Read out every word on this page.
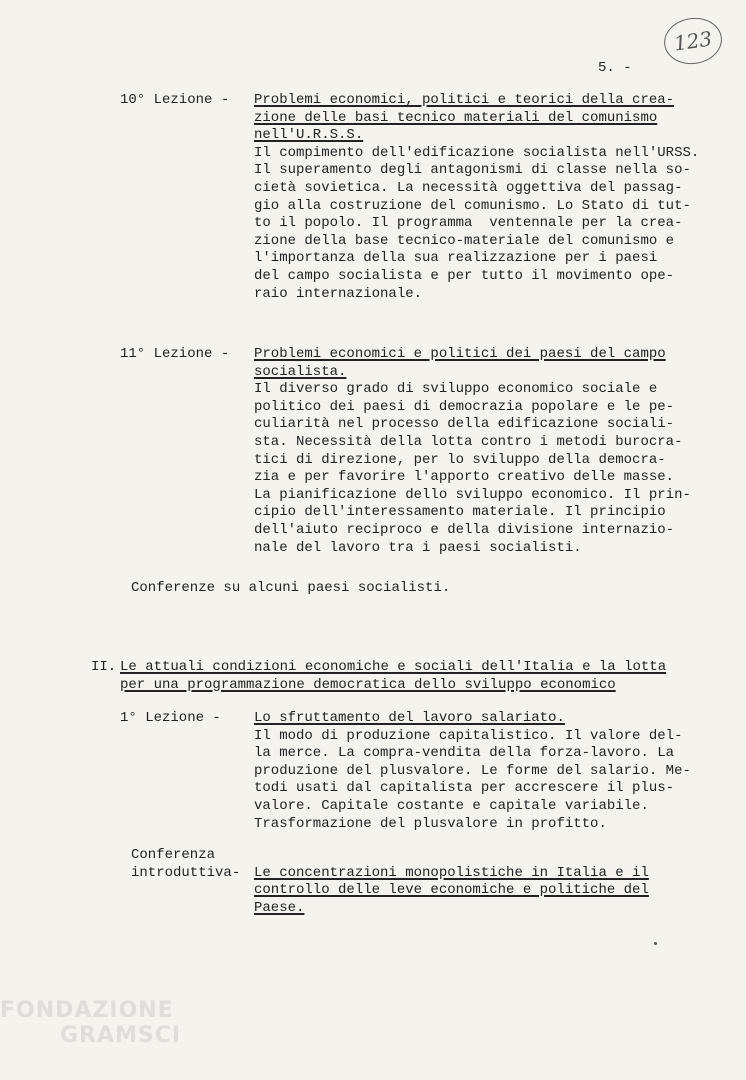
123
5. -
10° Lezione - Problemi economici, politici e teorici della crea-
zione delle basi tecnico materiali del comunismo
nell'U.R.S.S.
Il compimento dell'edificazione socialista nell'URSS.
Il superamento degli antagonismi di classe nella so-
cietà sovietica. La necessità oggettiva del passag-
gio alla costruzione del comunismo. Lo Stato di tut-
to il popolo. Il programma  ventennale per la crea-
zione della base tecnico-materiale del comunismo e
l'importanza della sua realizzazione per i paesi
del campo socialista e per tutto il movimento ope-
raio internazionale.
11° Lezione - Problemi economici e politici dei paesi del campo
socialista.
Il diverso grado di sviluppo economico sociale e
politico dei paesi di democrazia popolare e le pe-
culiarità nel processo della edificazione sociali-
sta. Necessità della lotta contro i metodi burocra-
tici di direzione, per lo sviluppo della democra-
zia e per favorire l'apporto creativo delle masse.
La pianificazione dello sviluppo economico. Il prin-
cipio dell'interessamento materiale. Il principio
dell'aiuto reciproco e della divisione internazio-
nale del lavoro tra i paesi socialisti.
Conferenze su alcuni paesi socialisti.
II. Le attuali condizioni economiche e sociali dell'Italia e la lotta
per una programmazione democratica dello sviluppo economico
1° Lezione - Lo sfruttamento del lavoro salariato.
Il modo di produzione capitalistico. Il valore del-
la merce. La compra-vendita della forza-lavoro. La
produzione del plusvalore. Le forme del salario. Me-
todi usati dal capitalista per accrescere il plus-
valore. Capitale costante e capitale variabile.
Trasformazione del plusvalore in profitto.
Conferenza
introduttiva- Le concentrazioni monopolistiche in Italia e il
controllo delle leve economiche e politiche del
Paese.
FONDAZIONE
GRAMSCI
